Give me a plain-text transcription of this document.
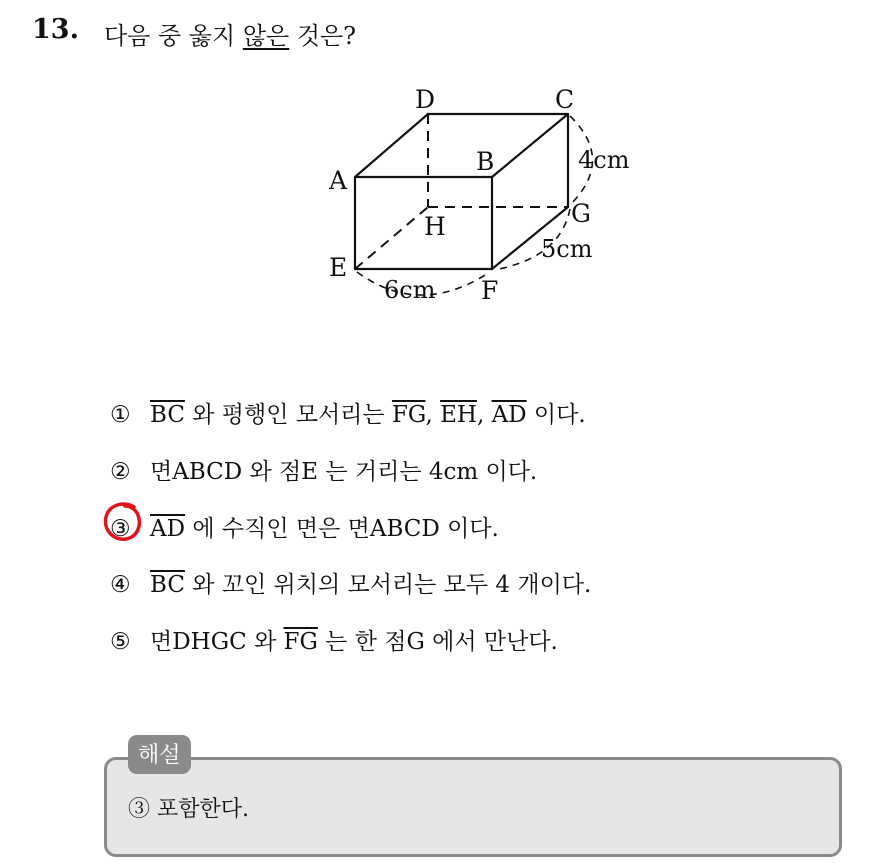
13. 다음 중 옳지 않은 것은?
D	C
A
B
H	G
E
F
4cm
5cm
6cm
① $\overline{BC}$ 와 평행인 모서리는 $\overline{FG}$, $\overline{EH}$, $\overline{AD}$ 이다.
② 면ABCD 와 점E 는 거리는 4cm 이다.
③ $\overline{AD}$ 에 수직인 면은 면ABCD 이다.
④ $\overline{BC}$ 와 꼬인 위치의 모서리는 모두 4 개이다.
⑤ 면DHGC 와 $\overline{FG}$ 는 한 점G 에서 만난다.
해설
③ 포함한다.
